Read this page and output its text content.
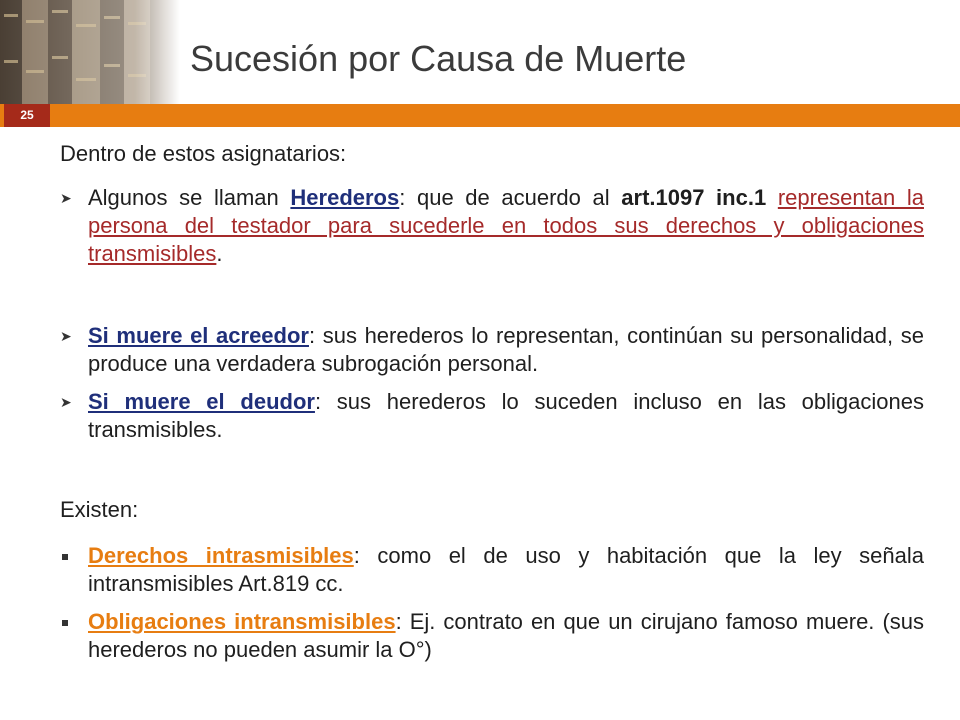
Sucesión por Causa de Muerte
25

Dentro de estos asignatarios:

➤ Algunos se llaman Herederos: que de acuerdo al art.1097 inc.1 representan la persona del testador para sucederle en todos sus derechos y obligaciones transmisibles.
➤ Si muere el acreedor: sus herederos lo representan, continúan su personalidad, se produce una verdadera subrogación personal.
➤ Si muere el deudor: sus herederos lo suceden incluso en las obligaciones transmisibles.

Existen:

Derechos intrasmisibles: como el de uso y habitación que la ley señala intransmisibles Art.819 cc.
Obligaciones intransmisibles: Ej. contrato en que un cirujano famoso muere. (sus herederos no pueden asumir la O°)
